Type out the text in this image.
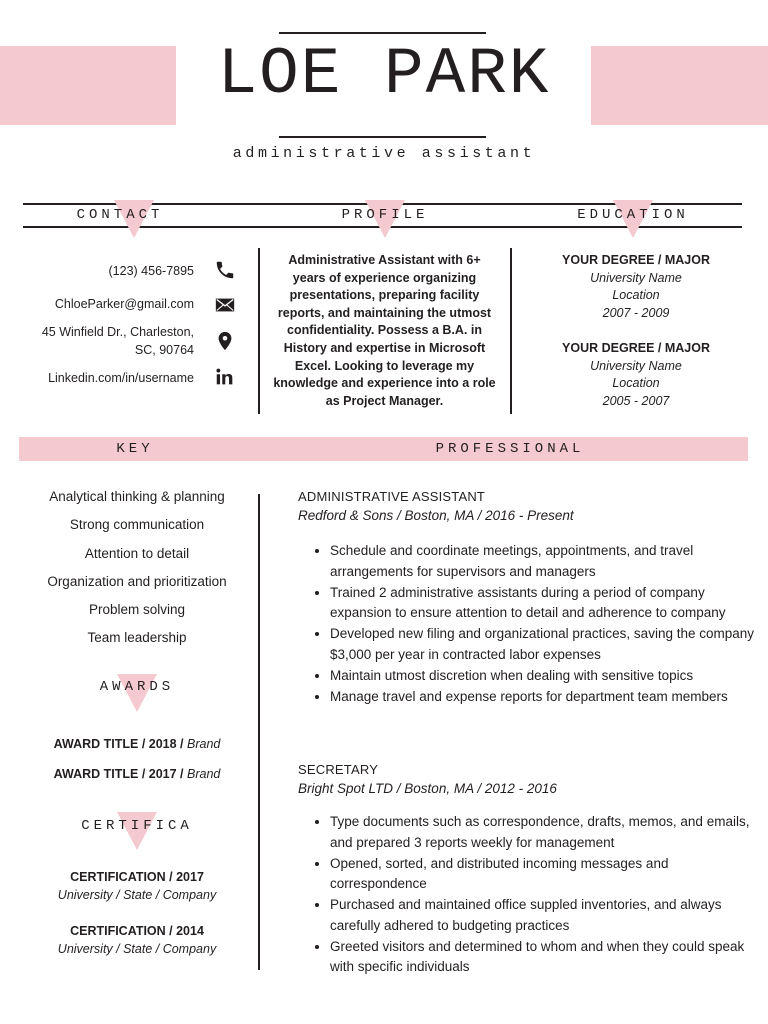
LOE PARK
administrative assistant
CONTACT	PROFILE	EDUCATION
(123) 456-7895
ChloeParker@gmail.com
45 Winfield Dr., Charleston,
SC, 90764
Linkedin.com/in/username
Administrative Assistant with 6+ years of experience organizing presentations, preparing facility reports, and maintaining the utmost confidentiality. Possess a B.A. in History and expertise in Microsoft Excel. Looking to leverage my knowledge and experience into a role as Project Manager.
YOUR DEGREE / MAJOR
University Name
Location
2007 - 2009
YOUR DEGREE / MAJOR
University Name
Location
2005 - 2007
KEY	PROFESSIONAL
Analytical thinking & planning
Strong communication
Attention to detail
Organization and prioritization
Problem solving
Team leadership
AWARDS
AWARD TITLE / 2018 / Brand
AWARD TITLE / 2017 / Brand
CERTIFICA
CERTIFICATION / 2017
University / State / Company
CERTIFICATION / 2014
University / State / Company
ADMINISTRATIVE ASSISTANT
Redford & Sons / Boston, MA / 2016 - Present
• Schedule and coordinate meetings, appointments, and travel arrangements for supervisors and managers
• Trained 2 administrative assistants during a period of company expansion to ensure attention to detail and adherence to company
• Developed new filing and organizational practices, saving the company $3,000 per year in contracted labor expenses
• Maintain utmost discretion when dealing with sensitive topics
• Manage travel and expense reports for department team members
SECRETARY
Bright Spot LTD / Boston, MA / 2012 - 2016
• Type documents such as correspondence, drafts, memos, and emails, and prepared 3 reports weekly for management
• Opened, sorted, and distributed incoming messages and correspondence
• Purchased and maintained office suppled inventories, and always carefully adhered to budgeting practices
• Greeted visitors and determined to whom and when they could speak with specific individuals
